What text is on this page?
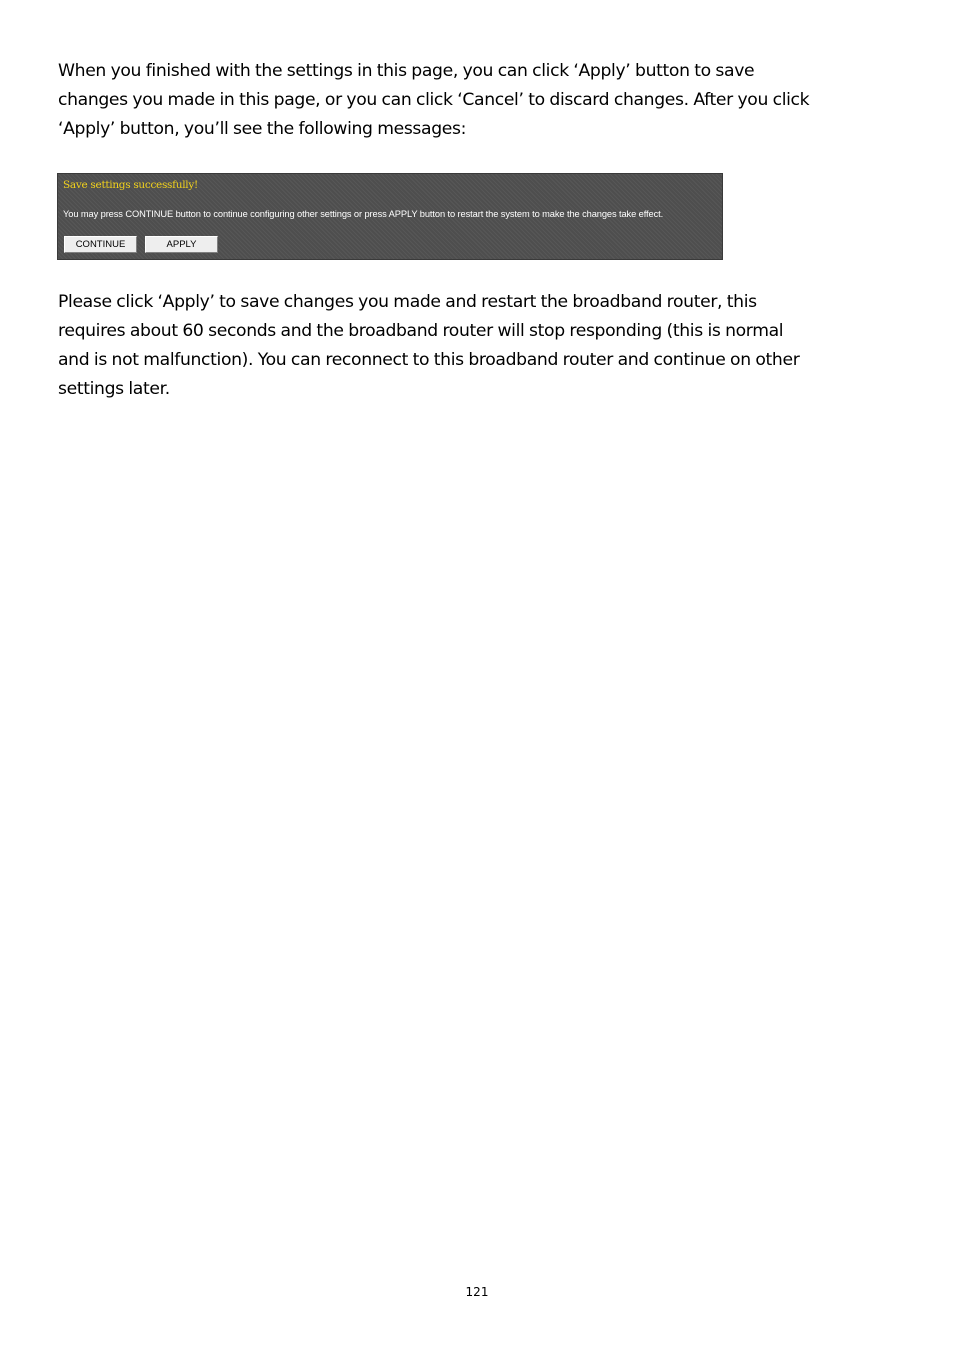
When you finished with the settings in this page, you can click ‘Apply’ button to save
changes you made in this page, or you can click ‘Cancel’ to discard changes. After you click
‘Apply’ button, you’ll see the following messages:

Save settings successfully!
You may press CONTINUE button to continue configuring other settings or press APPLY button to restart the system to make the changes take effect.
CONTINUE	APPLY

Please click ‘Apply’ to save changes you made and restart the broadband router, this
requires about 60 seconds and the broadband router will stop responding (this is normal
and is not malfunction). You can reconnect to this broadband router and continue on other
settings later.

121
